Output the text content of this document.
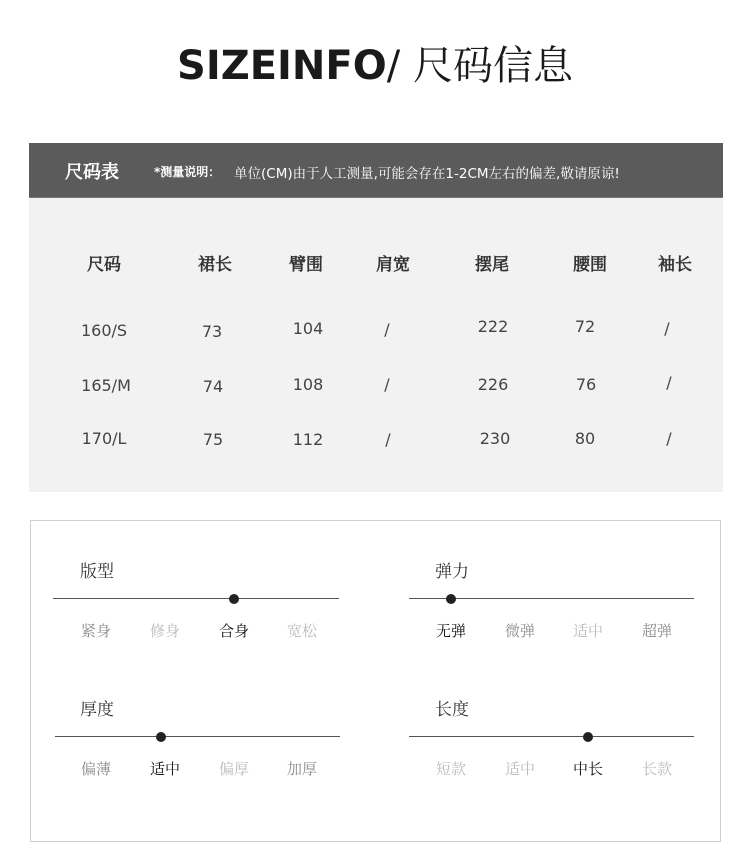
SIZEINFO/ 尺码信息
尺码表	*测量说明： 单位(CM)由于人工测量,可能会存在1-2CM左右的偏差,敬请原谅!
尺码	裙长	臂围	肩宽	摆尾	腰围	袖长
160/S	73	104	/	222	72	/
165/M	74	108	/	226	76	/
170/L	75	112	/	230	80	/
版型
紧身	修身	合身	宽松
弹力
无弹	微弹	适中	超弹
厚度
偏薄	适中	偏厚	加厚
长度
短款	适中	中长	长款
